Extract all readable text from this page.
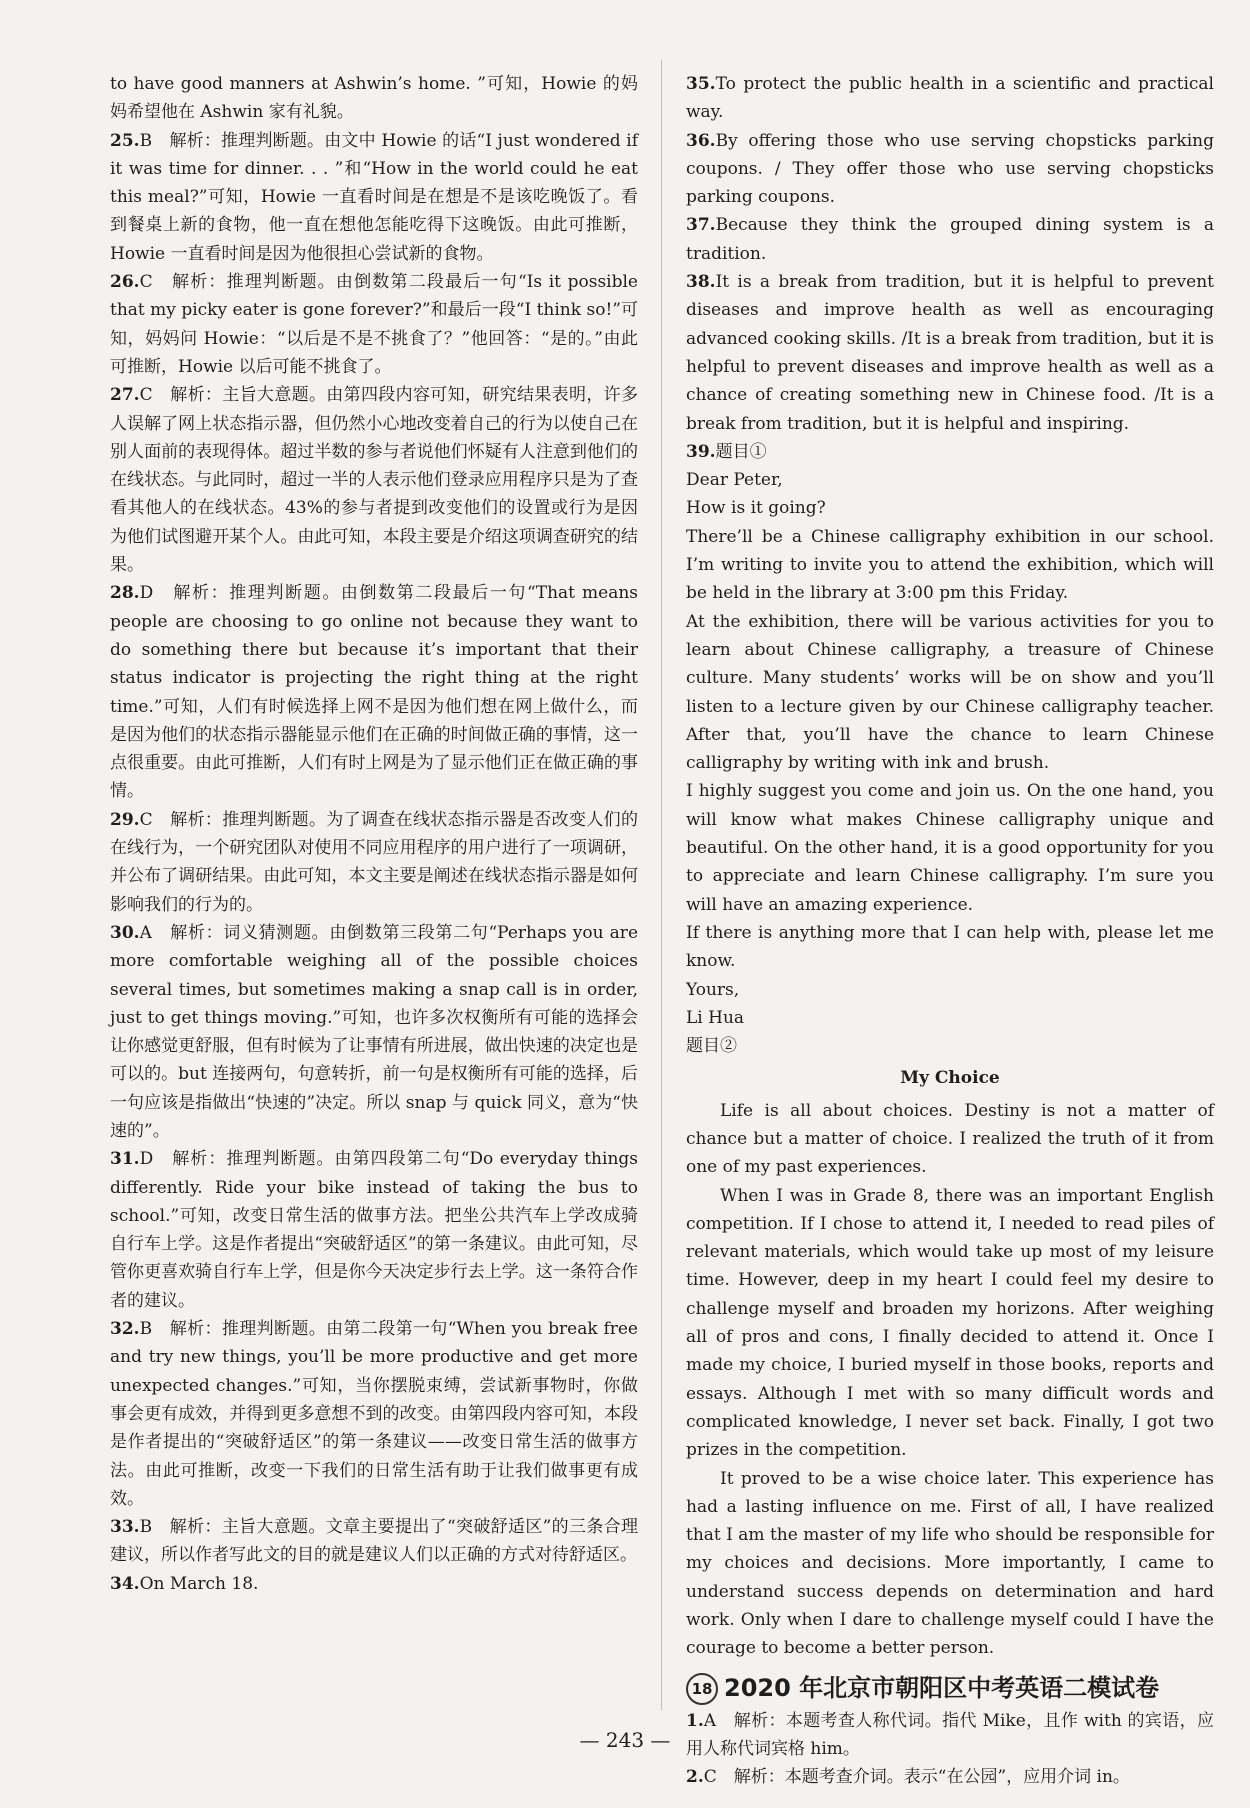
to have good manners at Ashwin’s home. ”可知，Howie 的妈妈希望他在 Ashwin 家有礼貌。
25.B　解析：推理判断题。由文中 Howie 的话“I just wondered if it was time for dinner. . . ”和“How in the world could he eat this meal?”可知，Howie 一直看时间是在想是不是该吃晚饭了。看到餐桌上新的食物，他一直在想他怎能吃得下这晚饭。由此可推断，Howie 一直看时间是因为他很担心尝试新的食物。
26.C　解析：推理判断题。由倒数第二段最后一句“Is it possible that my picky eater is gone forever?”和最后一段“I think so!”可知，妈妈问 Howie：“以后是不是不挑食了？”他回答：“是的。”由此可推断，Howie 以后可能不挑食了。
27.C　解析：主旨大意题。由第四段内容可知，研究结果表明，许多人误解了网上状态指示器，但仍然小心地改变着自己的行为以使自己在别人面前的表现得体。超过半数的参与者说他们怀疑有人注意到他们的在线状态。与此同时，超过一半的人表示他们登录应用程序只是为了查看其他人的在线状态。43%的参与者提到改变他们的设置或行为是因为他们试图避开某个人。由此可知，本段主要是介绍这项调查研究的结果。
28.D　解析：推理判断题。由倒数第二段最后一句“That means people are choosing to go online not because they want to do something there but because it’s important that their status indicator is projecting the right thing at the right time.”可知，人们有时候选择上网不是因为他们想在网上做什么，而是因为他们的状态指示器能显示他们在正确的时间做正确的事情，这一点很重要。由此可推断，人们有时上网是为了显示他们正在做正确的事情。
29.C　解析：推理判断题。为了调查在线状态指示器是否改变人们的在线行为，一个研究团队对使用不同应用程序的用户进行了一项调研，并公布了调研结果。由此可知，本文主要是阐述在线状态指示器是如何影响我们的行为的。
30.A　解析：词义猜测题。由倒数第三段第二句“Perhaps you are more comfortable weighing all of the possible choices several times, but sometimes making a snap call is in order, just to get things moving.”可知，也许多次权衡所有可能的选择会让你感觉更舒服，但有时候为了让事情有所进展，做出快速的决定也是可以的。but 连接两句，句意转折，前一句是权衡所有可能的选择，后一句应该是指做出“快速的”决定。所以 snap 与 quick 同义，意为“快速的”。
31.D　解析：推理判断题。由第四段第二句“Do everyday things differently. Ride your bike instead of taking the bus to school.”可知，改变日常生活的做事方法。把坐公共汽车上学改成骑自行车上学。这是作者提出“突破舒适区”的第一条建议。由此可知，尽管你更喜欢骑自行车上学，但是你今天决定步行去上学。这一条符合作者的建议。
32.B　解析：推理判断题。由第二段第一句“When you break free and try new things, you’ll be more productive and get more unexpected changes.”可知，当你摆脱束缚，尝试新事物时，你做事会更有成效，并得到更多意想不到的改变。由第四段内容可知，本段是作者提出的“突破舒适区”的第一条建议——改变日常生活的做事方法。由此可推断，改变一下我们的日常生活有助于让我们做事更有成效。
33.B　解析：主旨大意题。文章主要提出了“突破舒适区”的三条合理建议，所以作者写此文的目的就是建议人们以正确的方式对待舒适区。
34.On March 18.
35.To protect the public health in a scientific and practical way.
36.By offering those who use serving chopsticks parking coupons. / They offer those who use serving chopsticks parking coupons.
37.Because they think the grouped dining system is a tradition.
38.It is a break from tradition, but it is helpful to prevent diseases and improve health as well as encouraging advanced cooking skills. /It is a break from tradition, but it is helpful to prevent diseases and improve health as well as a chance of creating something new in Chinese food. /It is a break from tradition, but it is helpful and inspiring.
39.题目①

Dear Peter,

How is it going?

There’ll be a Chinese calligraphy exhibition in our school. I’m writing to invite you to attend the exhibition, which will be held in the library at 3:00 pm this Friday.

At the exhibition, there will be various activities for you to learn about Chinese calligraphy, a treasure of Chinese culture. Many students’ works will be on show and you’ll listen to a lecture given by our Chinese calligraphy teacher. After that, you’ll have the chance to learn Chinese calligraphy by writing with ink and brush.

I highly suggest you come and join us. On the one hand, you will know what makes Chinese calligraphy unique and beautiful. On the other hand, it is a good opportunity for you to appreciate and learn Chinese calligraphy. I’m sure you will have an amazing experience.

If there is anything more that I can help with, please let me know.

Yours,

Li Hua

题目②

My Choice
Life is all about choices. Destiny is not a matter of chance but a matter of choice. I realized the truth of it from one of my past experiences.
When I was in Grade 8, there was an important English competition. If I chose to attend it, I needed to read piles of relevant materials, which would take up most of my leisure time. However, deep in my heart I could feel my desire to challenge myself and broaden my horizons. After weighing all of pros and cons, I finally decided to attend it. Once I made my choice, I buried myself in those books, reports and essays. Although I met with so many difficult words and complicated knowledge, I never set back. Finally, I got two prizes in the competition.
It proved to be a wise choice later. This experience has had a lasting influence on me. First of all, I have realized that I am the master of my life who should be responsible for my choices and decisions. More importantly, I came to understand success depends on determination and hard work. Only when I dare to challenge myself could I have the courage to become a better person.
18 2020 年北京市朝阳区中考英语二模试卷
1.A　解析：本题考查人称代词。指代 Mike，且作 with 的宾语，应用人称代词宾格 him。
2.C　解析：本题考查介词。表示“在公园”，应用介词 in。
— 243 —
